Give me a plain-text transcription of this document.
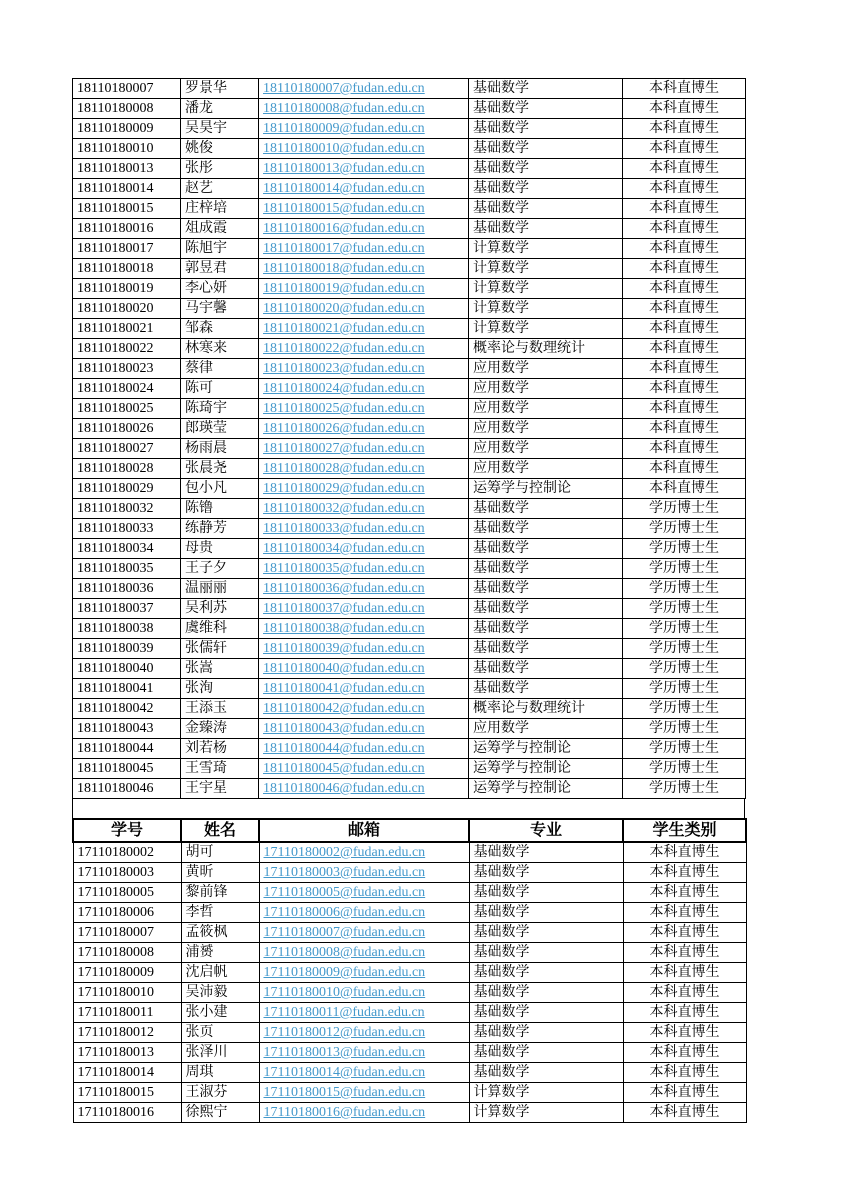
18110180007	罗景华	18110180007@fudan.edu.cn	基础数学	本科直博生
18110180008	潘龙	18110180008@fudan.edu.cn	基础数学	本科直博生
18110180009	吴昊宇	18110180009@fudan.edu.cn	基础数学	本科直博生
18110180010	姚俊	18110180010@fudan.edu.cn	基础数学	本科直博生
18110180013	张彤	18110180013@fudan.edu.cn	基础数学	本科直博生
18110180014	赵艺	18110180014@fudan.edu.cn	基础数学	本科直博生
18110180015	庄梓培	18110180015@fudan.edu.cn	基础数学	本科直博生
18110180016	俎成霞	18110180016@fudan.edu.cn	基础数学	本科直博生
18110180017	陈旭宇	18110180017@fudan.edu.cn	计算数学	本科直博生
18110180018	郭昱君	18110180018@fudan.edu.cn	计算数学	本科直博生
18110180019	李心妍	18110180019@fudan.edu.cn	计算数学	本科直博生
18110180020	马宇馨	18110180020@fudan.edu.cn	计算数学	本科直博生
18110180021	邹森	18110180021@fudan.edu.cn	计算数学	本科直博生
18110180022	林寒来	18110180022@fudan.edu.cn	概率论与数理统计	本科直博生
18110180023	蔡律	18110180023@fudan.edu.cn	应用数学	本科直博生
18110180024	陈可	18110180024@fudan.edu.cn	应用数学	本科直博生
18110180025	陈琦宇	18110180025@fudan.edu.cn	应用数学	本科直博生
18110180026	郎瑛莹	18110180026@fudan.edu.cn	应用数学	本科直博生
18110180027	杨雨晨	18110180027@fudan.edu.cn	应用数学	本科直博生
18110180028	张晨尧	18110180028@fudan.edu.cn	应用数学	本科直博生
18110180029	包小凡	18110180029@fudan.edu.cn	运筹学与控制论	本科直博生
18110180032	陈镥	18110180032@fudan.edu.cn	基础数学	学历博士生
18110180033	练静芳	18110180033@fudan.edu.cn	基础数学	学历博士生
18110180034	母贵	18110180034@fudan.edu.cn	基础数学	学历博士生
18110180035	王子夕	18110180035@fudan.edu.cn	基础数学	学历博士生
18110180036	温丽丽	18110180036@fudan.edu.cn	基础数学	学历博士生
18110180037	吴利苏	18110180037@fudan.edu.cn	基础数学	学历博士生
18110180038	虞维科	18110180038@fudan.edu.cn	基础数学	学历博士生
18110180039	张儒轩	18110180039@fudan.edu.cn	基础数学	学历博士生
18110180040	张嵩	18110180040@fudan.edu.cn	基础数学	学历博士生
18110180041	张洵	18110180041@fudan.edu.cn	基础数学	学历博士生
18110180042	王添玉	18110180042@fudan.edu.cn	概率论与数理统计	学历博士生
18110180043	金臻涛	18110180043@fudan.edu.cn	应用数学	学历博士生
18110180044	刘若杨	18110180044@fudan.edu.cn	运筹学与控制论	学历博士生
18110180045	王雪琦	18110180045@fudan.edu.cn	运筹学与控制论	学历博士生
18110180046	王宇星	18110180046@fudan.edu.cn	运筹学与控制论	学历博士生
学号	姓名	邮箱	专业	学生类别
17110180002	胡可	17110180002@fudan.edu.cn	基础数学	本科直博生
17110180003	黄昕	17110180003@fudan.edu.cn	基础数学	本科直博生
17110180005	黎前锋	17110180005@fudan.edu.cn	基础数学	本科直博生
17110180006	李哲	17110180006@fudan.edu.cn	基础数学	本科直博生
17110180007	孟筱枫	17110180007@fudan.edu.cn	基础数学	本科直博生
17110180008	浦赟	17110180008@fudan.edu.cn	基础数学	本科直博生
17110180009	沈启帆	17110180009@fudan.edu.cn	基础数学	本科直博生
17110180010	吴沛毅	17110180010@fudan.edu.cn	基础数学	本科直博生
17110180011	张小建	17110180011@fudan.edu.cn	基础数学	本科直博生
17110180012	张页	17110180012@fudan.edu.cn	基础数学	本科直博生
17110180013	张泽川	17110180013@fudan.edu.cn	基础数学	本科直博生
17110180014	周琪	17110180014@fudan.edu.cn	基础数学	本科直博生
17110180015	王淑芬	17110180015@fudan.edu.cn	计算数学	本科直博生
17110180016	徐熙宁	17110180016@fudan.edu.cn	计算数学	本科直博生
